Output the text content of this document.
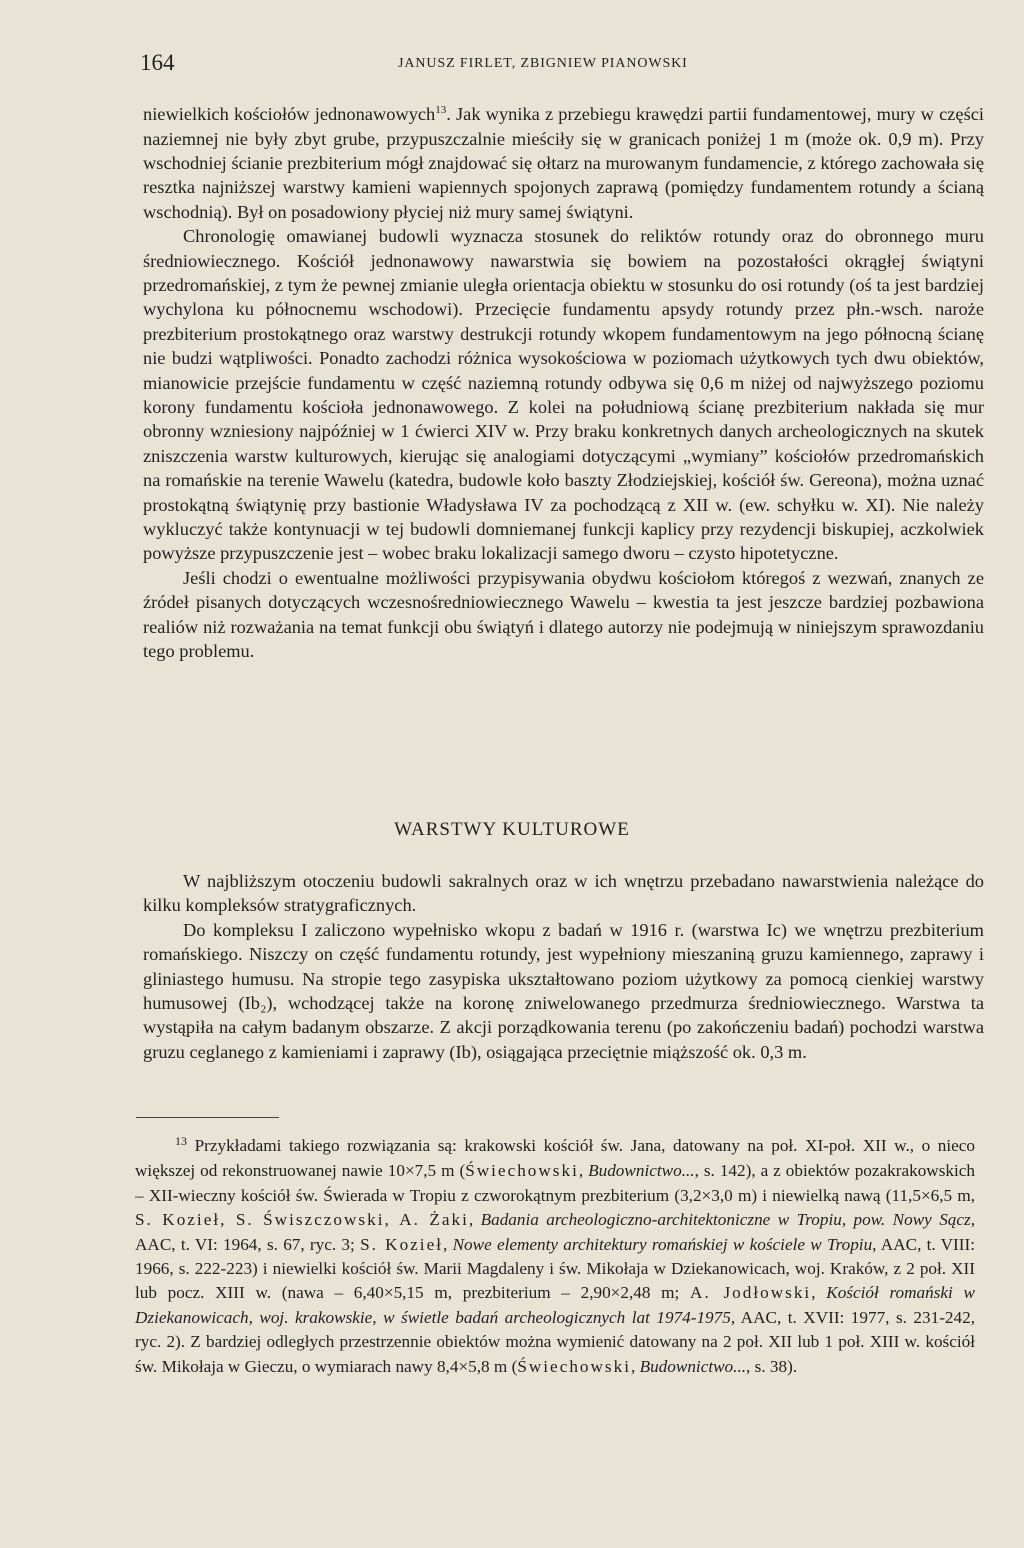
164	JANUSZ FIRLET, ZBIGNIEW PIANOWSKI

niewielkich kościołów jednonawowych$^{13}$. Jak wynika z przebiegu krawędzi partii fundamentowej, mury w części naziemnej nie były zbyt grube, przypuszczalnie mieściły się w granicach poniżej 1 m (może ok. 0,9 m). Przy wschodniej ścianie prezbiterium mógł znajdować się ołtarz na murowanym fundamencie, z którego zachowała się resztka najniższej warstwy kamieni wapiennych spojonych zaprawą (pomiędzy fundamentem rotundy a ścianą wschodnią). Był on posadowiony płyciej niż mury samej świątyni.

Chronologię omawianej budowli wyznacza stosunek do reliktów rotundy oraz do obronnego muru średniowiecznego. Kościół jednonawowy nawarstwia się bowiem na pozostałości okrągłej świątyni przedromańskiej, z tym że pewnej zmianie uległa orientacja obiektu w stosunku do osi rotundy (oś ta jest bardziej wychylona ku północnemu wschodowi). Przecięcie fundamentu apsydy rotundy przez płn.-wsch. naroże prezbiterium prostokątnego oraz warstwy destrukcji rotundy wkopem fundamentowym na jego północną ścianę nie budzi wątpliwości. Ponadto zachodzi różnica wysokościowa w poziomach użytkowych tych dwu obiektów, mianowicie przejście fundamentu w część naziemną rotundy odbywa się 0,6 m niżej od najwyższego poziomu korony fundamentu kościoła jednonawowego. Z kolei na południową ścianę prezbiterium nakłada się mur obronny wzniesiony najpóźniej w 1 ćwierci XIV w. Przy braku konkretnych danych archeologicznych na skutek zniszczenia warstw kulturowych, kierując się analogiami dotyczącymi „wymiany” kościołów przedromańskich na romańskie na terenie Wawelu (katedra, budowle koło baszty Złodziejskiej, kościół św. Gereona), można uznać prostokątną świątynię przy bastionie Władysława IV za pochodzącą z XII w. (ew. schyłku w. XI). Nie należy wykluczyć także kontynuacji w tej budowli domniemanej funkcji kaplicy przy rezydencji biskupiej, aczkolwiek powyższe przypuszczenie jest – wobec braku lokalizacji samego dworu – czysto hipotetyczne.

Jeśli chodzi o ewentualne możliwości przypisywania obydwu kościołom któregoś z wezwań, znanych ze źródeł pisanych dotyczących wczesnośredniowiecznego Wawelu – kwestia ta jest jeszcze bardziej pozbawiona realiów niż rozważania na temat funkcji obu świątyń i dlatego autorzy nie podejmują w niniejszym sprawozdaniu tego problemu.

WARSTWY KULTUROWE

W najbliższym otoczeniu budowli sakralnych oraz w ich wnętrzu przebadano nawarstwienia należące do kilku kompleksów stratygraficznych.

Do kompleksu I zaliczono wypełnisko wkopu z badań w 1916 r. (warstwa Ic) we wnętrzu prezbiterium romańskiego. Niszczy on część fundamentu rotundy, jest wypełniony mieszaniną gruzu kamiennego, zaprawy i gliniastego humusu. Na stropie tego zasypiska ukształtowano poziom użytkowy za pomocą cienkiej warstwy humusowej (Ib₂), wchodzącej także na koronę zniwelowanego przedmurza średniowiecznego. Warstwa ta wystąpiła na całym badanym obszarze. Z akcji porządkowania terenu (po zakończeniu badań) pochodzi warstwa gruzu ceglanego z kamieniami i zaprawy (Ib), osiągająca przeciętnie miąższość ok. 0,3 m.

$^{13}$ Przykładami takiego rozwiązania są: krakowski kościół św. Jana, datowany na poł. XI-poł. XII w., o nieco większej od rekonstruowanej nawie 10×7,5 m (Świechowski, Budownictwo..., s. 142), a z obiektów pozakrakowskich – XII-wieczny kościół św. Świerada w Tropiu z czworokątnym prezbiterium (3,2×3,0 m) i niewielką nawą (11,5×6,5 m, S. Kozieł, S. Świszczowski, A. Żaki, Badania archeologiczno-architektoniczne w Tropiu, pow. Nowy Sącz, AAC, t. VI: 1964, s. 67, ryc. 3; S. Kozieł, Nowe elementy architektury romańskiej w kościele w Tropiu, AAC, t. VIII: 1966, s. 222-223) i niewielki kościół św. Marii Magdaleny i św. Mikołaja w Dziekanowicach, woj. Kraków, z 2 poł. XII lub pocz. XIII w. (nawa – 6,40×5,15 m, prezbiterium – 2,90×2,48 m; A. Jodłowski, Kościół romański w Dziekanowicach, woj. krakowskie, w świetle badań archeologicznych lat 1974-1975, AAC, t. XVII: 1977, s. 231-242, ryc. 2). Z bardziej odległych przestrzennie obiektów można wymienić datowany na 2 poł. XII lub 1 poł. XIII w. kościół św. Mikołaja w Gieczu, o wymiarach nawy 8,4×5,8 m (Świechowski, Budownictwo..., s. 38).
